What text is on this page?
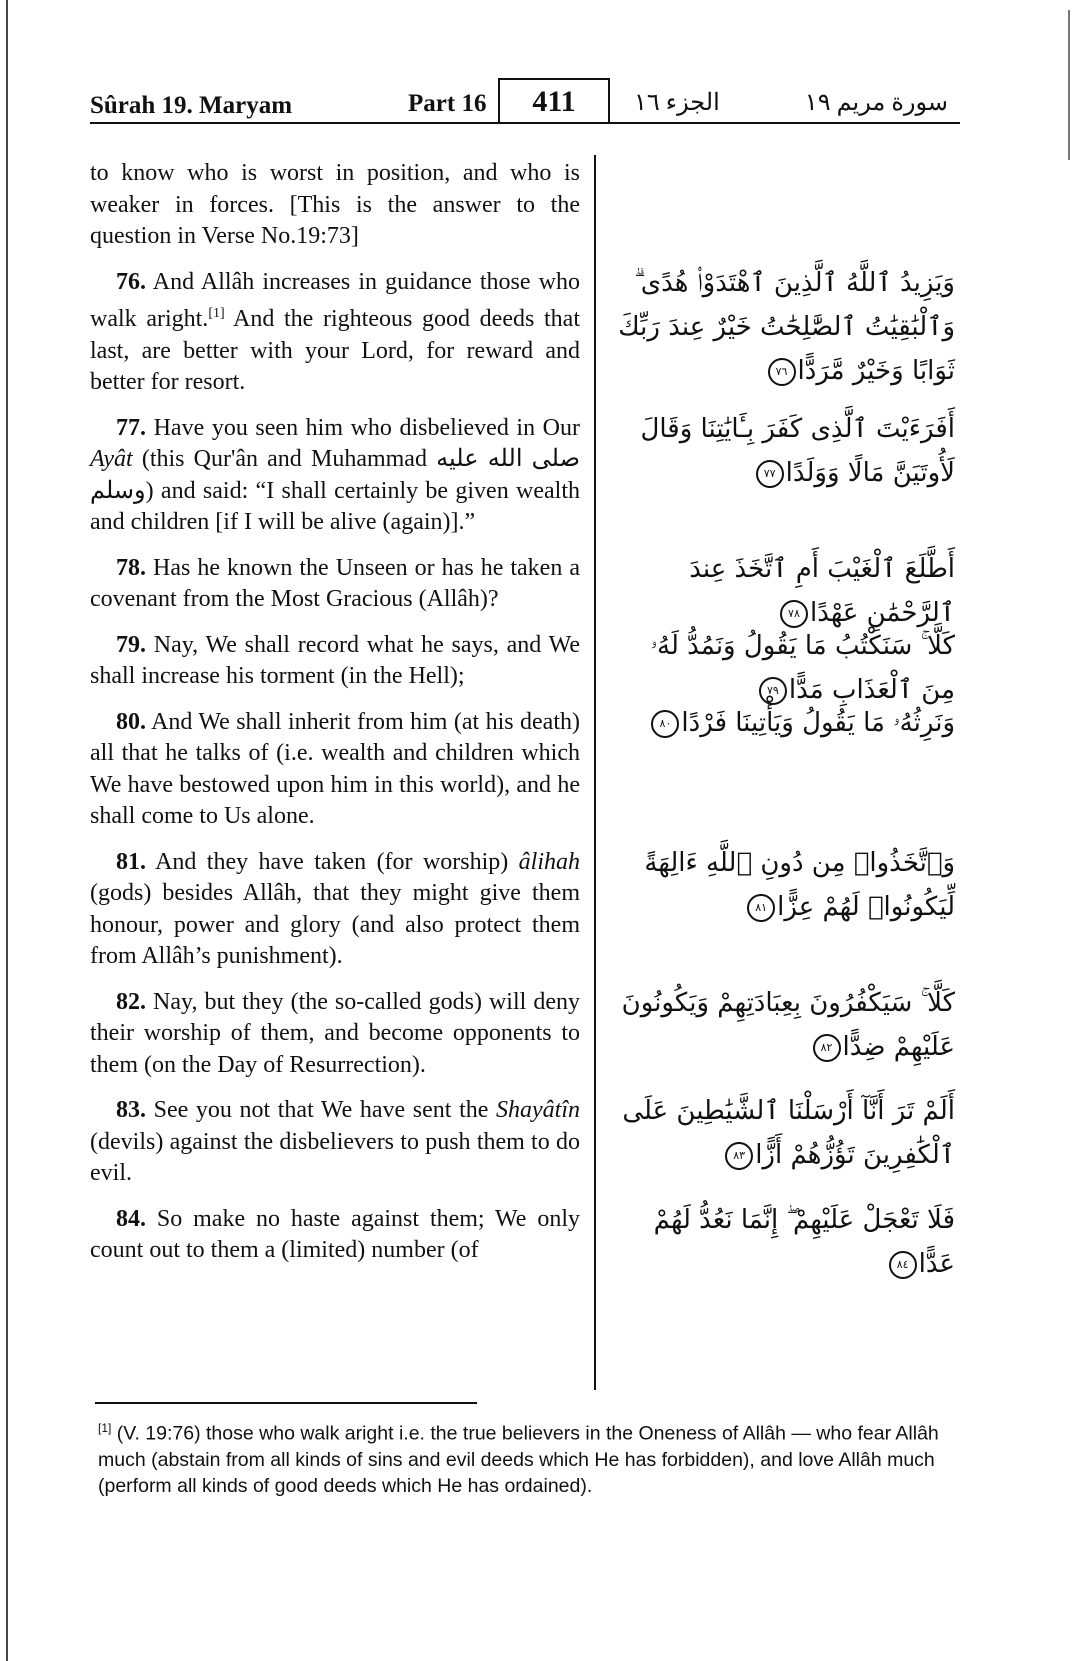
Sûrah 19. Maryam	Part 16 411 الجزء ١٦	سورة مريم ١٩

to know who is worst in position, and who is weaker in forces. [This is the answer to the question in Verse No.19:73]

76. And Allâh increases in guidance those who walk aright.[1] And the righteous good deeds that last, are better with your Lord, for reward and better for resort.

77. Have you seen him who disbelieved in Our Ayât (this Qur'ân and Muhammad صلى الله عليه وسلم) and said: “I shall certainly be given wealth and children [if I will be alive (again)].”

78. Has he known the Unseen or has he taken a covenant from the Most Gracious (Allâh)?

79. Nay, We shall record what he says, and We shall increase his torment (in the Hell);

80. And We shall inherit from him (at his death) all that he talks of (i.e. wealth and children which We have bestowed upon him in this world), and he shall come to Us alone.

81. And they have taken (for worship) âlihah (gods) besides Allâh, that they might give them honour, power and glory (and also protect them from Allâh’s punishment).

82. Nay, but they (the so-called gods) will deny their worship of them, and become opponents to them (on the Day of Resurrection).

83. See you not that We have sent the Shayâtîn (devils) against the disbelievers to push them to do evil.

84. So make no haste against them; We only count out to them a (limited) number (of

وَيَزِيدُ ٱللَّهُ ٱلَّذِينَ ٱهْتَدَوْا۟ هُدًى ۗ وَٱلْبَٰقِيَٰتُ ٱلصَّٰلِحَٰتُ خَيْرٌ عِندَ رَبِّكَ ثَوَابًا وَخَيْرٌ مَّرَدًّا٧٦
أَفَرَءَيْتَ ٱلَّذِى كَفَرَ بِـَٔايَٰتِنَا وَقَالَ لَأُوتَيَنَّ مَالًا وَوَلَدًا٧٧
أَطَّلَعَ ٱلْغَيْبَ أَمِ ٱتَّخَذَ عِندَ ٱلرَّحْمَٰنِ عَهْدًا٧٨
كَلَّا ۚ سَنَكْتُبُ مَا يَقُولُ وَنَمُدُّ لَهُۥ مِنَ ٱلْعَذَابِ مَدًّا٧٩
وَنَرِثُهُۥ مَا يَقُولُ وَيَأْتِينَا فَرْدًا٨٠
وَٱتَّخَذُوا۟ مِن دُونِ ٱللَّهِ ءَالِهَةً لِّيَكُونُوا۟ لَهُمْ عِزًّا٨١
كَلَّا ۚ سَيَكْفُرُونَ بِعِبَادَتِهِمْ وَيَكُونُونَ عَلَيْهِمْ ضِدًّا٨٢
أَلَمْ تَرَ أَنَّآ أَرْسَلْنَا ٱلشَّيَٰطِينَ عَلَى ٱلْكَٰفِرِينَ تَؤُزُّهُمْ أَزًّا٨٣
فَلَا تَعْجَلْ عَلَيْهِمْ ۖ إِنَّمَا نَعُدُّ لَهُمْ عَدًّا٨٤
[1] (V. 19:76) those who walk aright i.e. the true believers in the Oneness of Allâh — who fear Allâh much (abstain from all kinds of sins and evil deeds which He has forbidden), and love Allâh much (perform all kinds of good deeds which He has ordained).
